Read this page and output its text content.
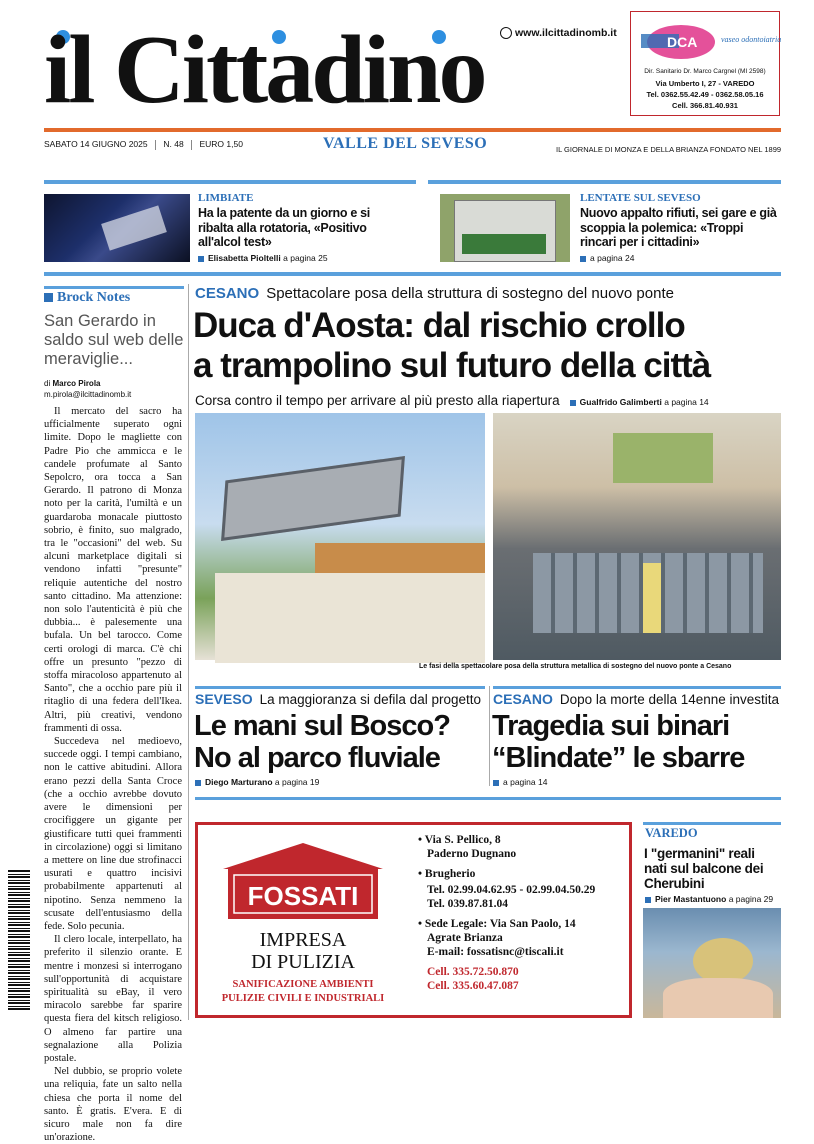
il Cittadino	www.ilcittadinomb.it
DCA	vaseo odontoiatria
Dir. Sanitario Dr. Marco Cargnel (MI 2598)
Via Umberto I, 27 - VAREDO
Tel. 0362.55.42.49 - 0362.58.05.16
Cell. 366.81.40.931
SABATO 14 GIUGNO 2025 N. 48 EURO 1,50	VALLE DEL SEVESO	IL GIORNALE DI MONZA E DELLA BRIANZA FONDATO NEL 1899
LIMBIATE
Ha la patente da un giorno e si ribalta alla rotatoria, «Positivo all'alcol test»
Elisabetta Pioltelli a pagina 25
LENTATE SUL SEVESO
Nuovo appalto rifiuti, sei gare e già scoppia la polemica: «Troppi rincari per i cittadini»
a pagina 24
Brock Notes
San Gerardo in saldo sul web delle meraviglie...
di Marco Pirola
m.pirola@ilcittadinomb.it

Il mercato del sacro ha ufficialmente superato ogni limite. Dopo le magliette con Padre Pio che ammicca e le candele profumate al Santo Sepolcro, ora tocca a San Gerardo. Il patrono di Monza noto per la carità, l'umiltà e un guardaroba monacale piuttosto sobrio, è finito, suo malgrado, tra le "occasioni" del web. Su alcuni marketplace digitali si vendono infatti "presunte" reliquie autentiche del nostro santo cittadino. Ma attenzione: non solo l'autenticità è più che dubbia... è palesemente una bufala. Un bel tarocco. Come certi orologi di marca. C'è chi offre un presunto "pezzo di stoffa miracoloso appartenuto al Santo", che a occhio pare più il ritaglio di una federa dell'Ikea. Altri, più creativi, vendono frammenti di ossa.

Succedeva nel medioevo, succede oggi. I tempi cambiano, non le cattive abitudini. Allora erano pezzi della Santa Croce (che a occhio avrebbe dovuto avere le dimensioni per crocifiggere un gigante per giustificare tutti quei frammenti in circolazione) oggi si limitano a mettere on line due strofinacci usurati e quattro incisivi probabilmente appartenuti al nipotino. Senza nemmeno la scusate dell'entusiasmo della fede. Solo pecunia.

Il clero locale, interpellato, ha preferito il silenzio orante. E mentre i monzesi si interrogano sull'opportunità di acquistare spiritualità su eBay, il vero miracolo sarebbe far sparire questa fiera del kitsch religioso. O almeno far partire una segnalazione alla Polizia postale.

Nel dubbio, se proprio volete una reliquia, fate un salto nella chiesa che porta il nome del santo. È gratis. E'vera. E di sicuro male non fa dire un'orazione.

CESANO Spettacolare posa della struttura di sostegno del nuovo ponte
Duca d'Aosta: dal rischio crollo
a trampolino sul futuro della città
Corsa contro il tempo per arrivare al più presto alla riapertura Gualfrido Galimberti a pagina 14
Le fasi della spettacolare posa della struttura metallica di sostegno del nuovo ponte a Cesano
SEVESO La maggioranza si defila dal progetto
Le mani sul Bosco?
No al parco fluviale
Diego Marturano a pagina 19
CESANO Dopo la morte della 14enne investita
Tragedia sui binari
“Blindate” le sbarre
a pagina 14
FOSSATI
IMPRESA
DI PULIZIA
SANIFICAZIONE AMBIENTI
PULIZIE CIVILI E INDUSTRIALI
• Via S. Pellico, 8
Paderno Dugnano
• Brugherio
Tel. 02.99.04.62.95 - 02.99.04.50.29
Tel. 039.87.81.04
• Sede Legale: Via San Paolo, 14
Agrate Brianza
E-mail: fossatisnc@tiscali.it
Cell. 335.72.50.870
Cell. 335.60.47.087
VAREDO
I "germanini" reali nati sul balcone dei Cherubini
Pier Mastantuono a pagina 29
